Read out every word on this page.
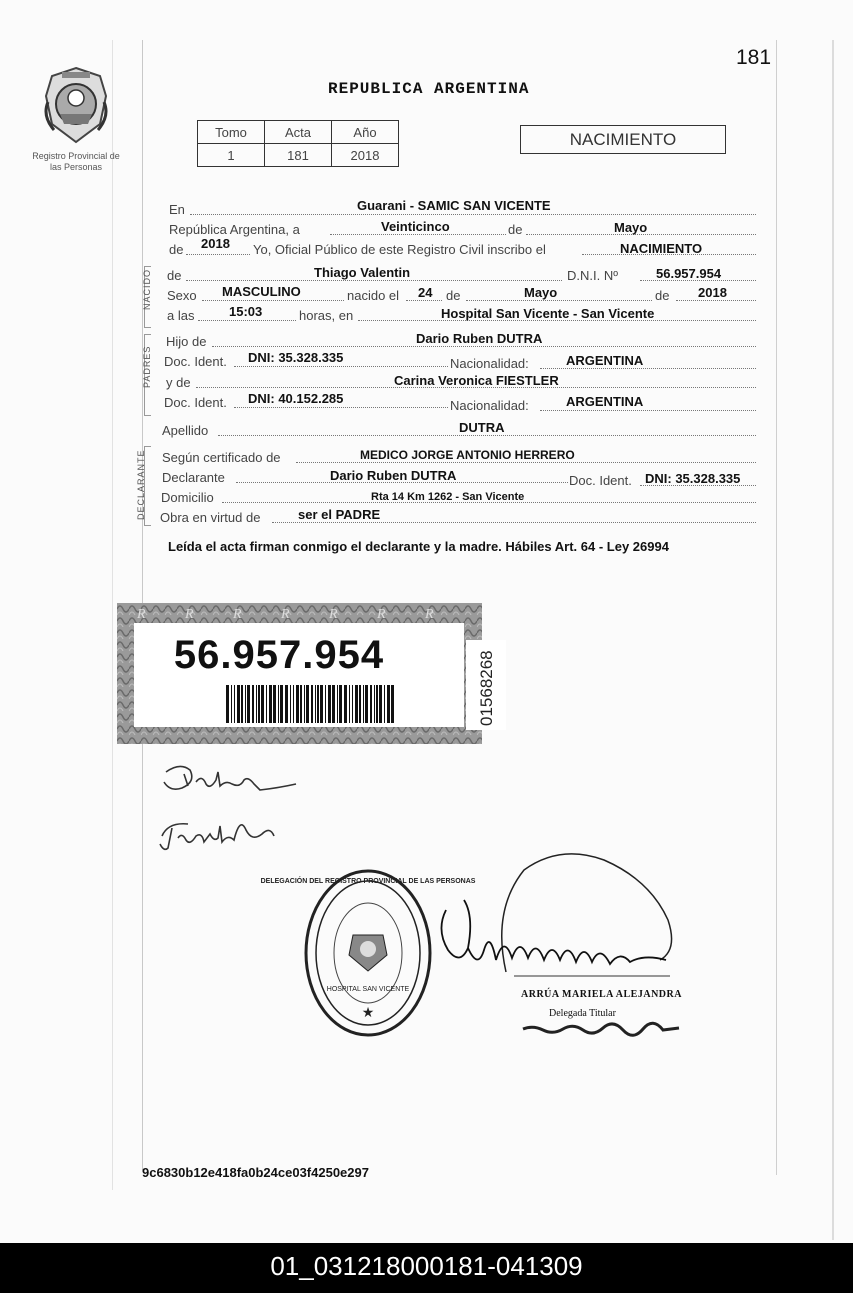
181
Registro Provincial de las Personas
REPUBLICA ARGENTINA
Tomo	Acta	Año
1	181	2018
NACIMIENTO
En	Guarani - SAMIC SAN VICENTE
República Argentina, a	Veinticinco	de	Mayo
de 2018 Yo, Oficial Público de este Registro Civil inscribo el	NACIMIENTO
NACIDO de	Thiago Valentin	D.N.I. Nº	56.957.954
Sexo MASCULINO	nacido el 24 de	Mayo	de 2018
a las	15:03	horas, en	Hospital San Vicente - San Vicente
PADRES
Hijo de	Dario Ruben DUTRA
Doc. Ident. DNI: 35.328.335	Nacionalidad:	ARGENTINA
y de	Carina Veronica FIESTLER
Doc. Ident. DNI: 40.152.285	Nacionalidad:	ARGENTINA
Apellido	DUTRA
DECLARANTE Según certificado de	MEDICO JORGE ANTONIO HERRERO
Declarante	Dario Ruben DUTRA	Doc. Ident. DNI: 35.328.335
Domicilio	Rta 14 Km 1262 - San Vicente
Obra en virtud de	ser el PADRE
Leída el acta firman conmigo el declarante y la madre. Hábiles Art. 64 - Ley 26994
R	R	R	R	R	R	R
56.957.954	01568268
★
DELEGACIÓN DEL REGISTRO PROVINCIAL DE LAS PERSONAS
HOSPITAL SAN VICENTE	ARRÚA MARIELA ALEJANDRA
Delegada Titular
9c6830b12e418fa0b24ce03f4250e297
01_031218000181-041309
